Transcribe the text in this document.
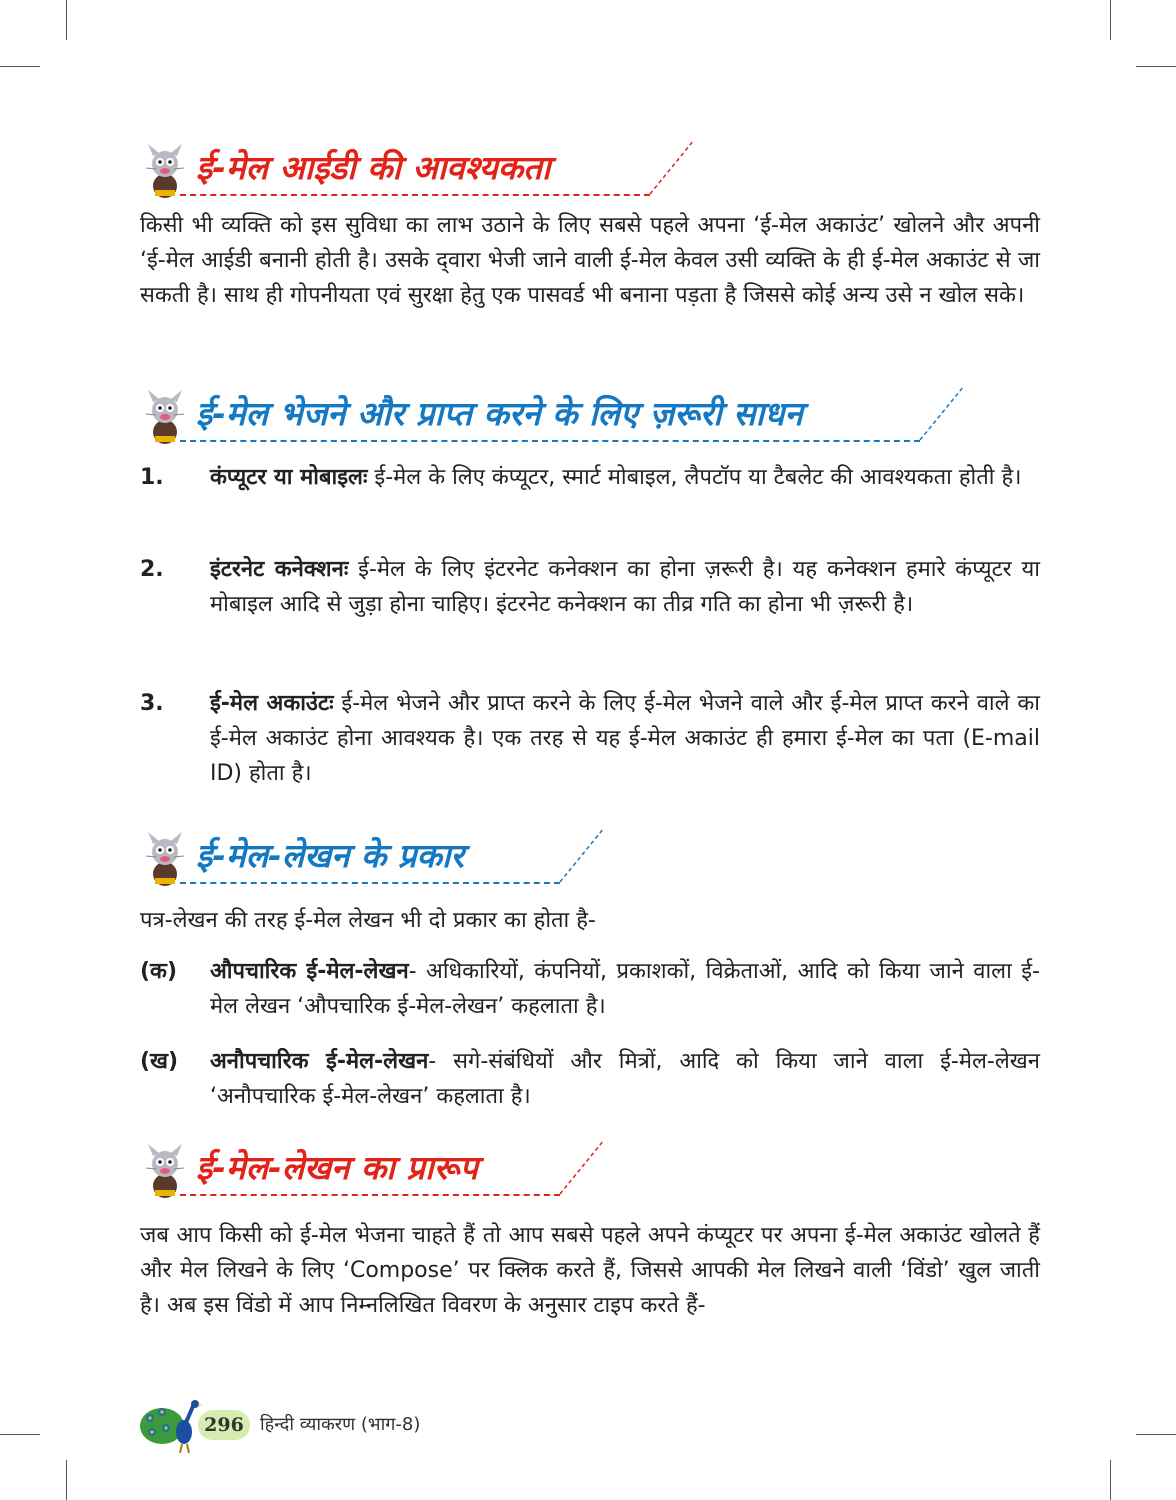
ई-मेल आईडी की आवश्यकता

किसी भी व्यक्ति को इस सुविधा का लाभ उठाने के लिए सबसे पहले अपना ‘ई-मेल अकाउंट’ खोलने और अपनी ‘ई-मेल आईडी बनानी होती है। उसके द्‌वारा भेजी जाने वाली ई-मेल केवल उसी व्यक्ति के ही ई-मेल अकाउंट से जा सकती है। साथ ही गोपनीयता एवं सुरक्षा हेतु एक पासवर्ड भी बनाना पड़ता है जिससे कोई अन्य उसे न खोल सके।

ई-मेल भेजने और प्राप्त करने के लिए ज़रूरी साधन
1. कंप्यूटर या मोबाइलः ई-मेल के लिए कंप्यूटर, स्मार्ट मोबाइल, लैपटॉप या टैबलेट की आवश्यकता होती है।
2. इंटरनेट कनेक्शनः ई-मेल के लिए इंटरनेट कनेक्शन का होना ज़रूरी है। यह कनेक्शन हमारे कंप्यूटर या मोबाइल आदि से जुड़ा होना चाहिए। इंटरनेट कनेक्शन का तीव्र गति का होना भी ज़रूरी है।
3. ई-मेल अकाउंटः ई-मेल भेजने और प्राप्त करने के लिए ई-मेल भेजने वाले और ई-मेल प्राप्त करने वाले का ई-मेल अकाउंट होना आवश्यक है। एक तरह से यह ई-मेल अकाउंट ही हमारा ई-मेल का पता (E-mail ID) होता है।
ई-मेल-लेखन के प्रकार

पत्र-लेखन की तरह ई-मेल लेखन भी दो प्रकार का होता है-

(क) औपचारिक ई-मेल-लेखन- अधिकारियों, कंपनियों, प्रकाशकों, विक्रेताओं, आदि को किया जाने वाला ई-मेल लेखन ‘औपचारिक ई-मेल-लेखन’ कहलाता है।
(ख) अनौपचारिक ई-मेल-लेखन- सगे-संबंधियों और मित्रों, आदि को किया जाने वाला ई-मेल-लेखन ‘अनौपचारिक ई-मेल-लेखन’ कहलाता है।
ई-मेल-लेखन का प्रारूप

जब आप किसी को ई-मेल भेजना चाहते हैं तो आप सबसे पहले अपने कंप्यूटर पर अपना ई-मेल अकाउंट खोलते हैं और मेल लिखने के लिए ‘Compose’ पर क्लिक करते हैं, जिससे आपकी मेल लिखने वाली ‘विंडो’ खुल जाती है। अब इस विंडो में आप निम्नलिखित विवरण के अनुसार टाइप करते हैं-

296 हिन्दी व्याकरण (भाग-8)
